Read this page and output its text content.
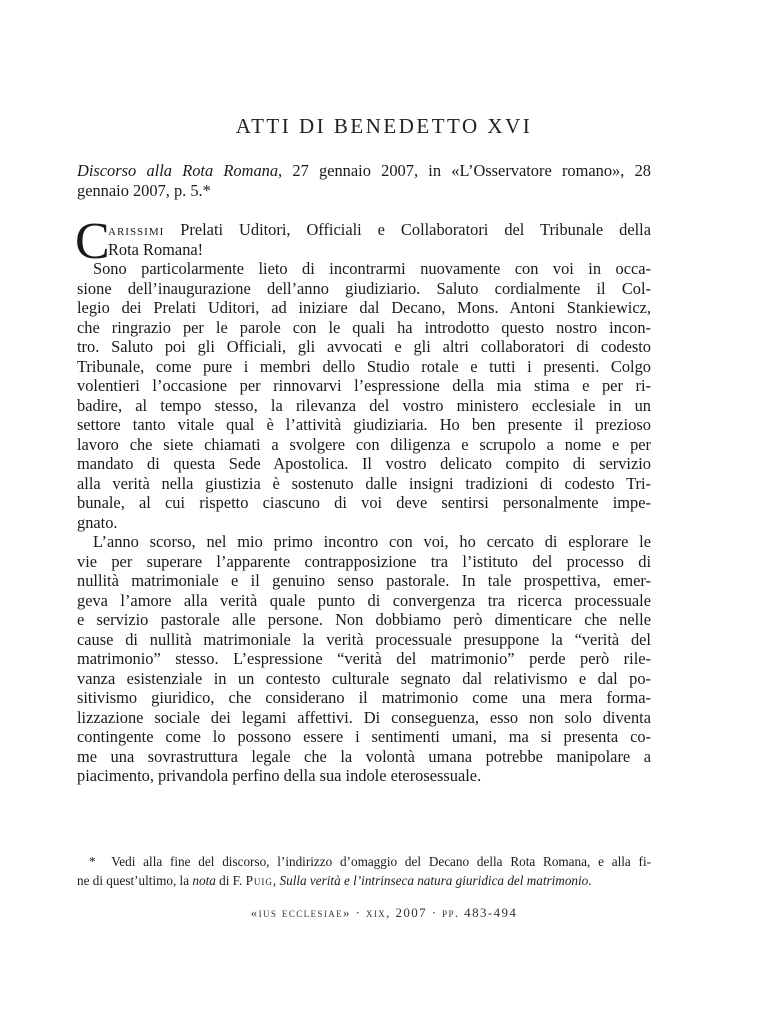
ATTI DI BENEDETTO XVI
Discorso alla Rota Romana, 27 gennaio 2007, in «L’Osservatore romano», 28
gennaio 2007, p. 5.*
C
arissimi Prelati Uditori, Officiali e Collaboratori del Tribunale della
Rota Romana!
Sono particolarmente lieto di incontrarmi nuovamente con voi in occa-
sione dell’inaugurazione dell’anno giudiziario. Saluto cordialmente il Col-
legio dei Prelati Uditori, ad iniziare dal Decano, Mons. Antoni Stankiewicz,
che ringrazio per le parole con le quali ha introdotto questo nostro incon-
tro. Saluto poi gli Officiali, gli avvocati e gli altri collaboratori di codesto
Tribunale, come pure i membri dello Studio rotale e tutti i presenti. Colgo
volentieri l’occasione per rinnovarvi l’espressione della mia stima e per ri-
badire, al tempo stesso, la rilevanza del vostro ministero ecclesiale in un
settore tanto vitale qual è l’attività giudiziaria. Ho ben presente il prezioso
lavoro che siete chiamati a svolgere con diligenza e scrupolo a nome e per
mandato di questa Sede Apostolica. Il vostro delicato compito di servizio
alla verità nella giustizia è sostenuto dalle insigni tradizioni di codesto Tri-
bunale, al cui rispetto ciascuno di voi deve sentirsi personalmente impe-
gnato.
L’anno scorso, nel mio primo incontro con voi, ho cercato di esplorare le
vie per superare l’apparente contrapposizione tra l’istituto del processo di
nullità matrimoniale e il genuino senso pastorale. In tale prospettiva, emer-
geva l’amore alla verità quale punto di convergenza tra ricerca processuale
e servizio pastorale alle persone. Non dobbiamo però dimenticare che nelle
cause di nullità matrimoniale la verità processuale presuppone la “verità del
matrimonio” stesso. L’espressione “verità del matrimonio” perde però rile-
vanza esistenziale in un contesto culturale segnato dal relativismo e dal po-
sitivismo giuridico, che considerano il matrimonio come una mera forma-
lizzazione sociale dei legami affettivi. Di conseguenza, esso non solo diventa
contingente come lo possono essere i sentimenti umani, ma si presenta co-
me una sovrastruttura legale che la volontà umana potrebbe manipolare a
piacimento, privandola perfino della sua indole eterosessuale.
* Vedi alla fine del discorso, l’indirizzo d’omaggio del Decano della Rota Romana, e alla fi-
ne di quest’ultimo, la nota di F. Puig, Sulla verità e l’intrinseca natura giuridica del matrimonio.
«ius ecclesiae» · xix, 2007 · pp. 483-494
